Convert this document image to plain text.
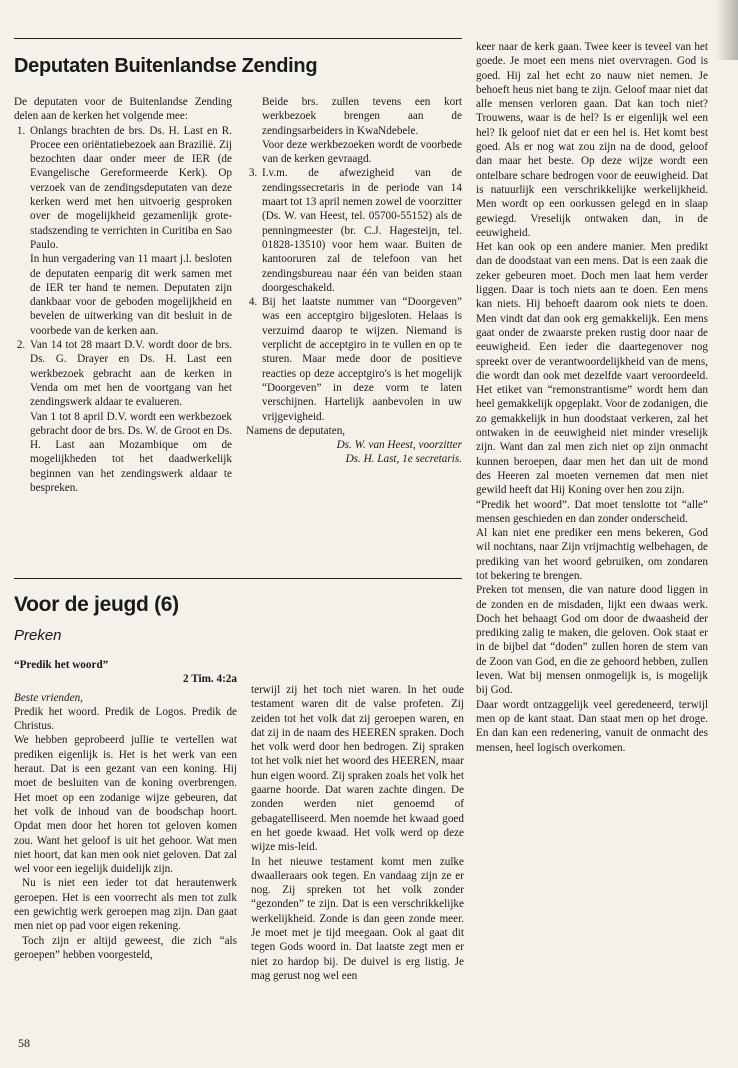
Deputaten Buitenlandse Zending

De deputaten voor de Buitenlandse Zending delen aan de kerken het volgende mee:

1. Onlangs brachten de brs. Ds. H. Last en R. Procee een oriëntatiebezoek aan Brazilië. Zij bezochten daar onder meer de IER (de Evangelische Gereformeerde Kerk). Op verzoek van de zendingsdeputaten van deze kerken werd met hen uitvoerig gesproken over de mogelijkheid gezamenlijk grote-stadszending te verrichten in Curitiba en Sao Paulo.

In hun vergadering van 11 maart j.l. besloten de deputaten eenparig dit werk samen met de IER ter hand te nemen. Deputaten zijn dankbaar voor de geboden mogelijkheid en bevelen de uitwerking van dit besluit in de voorbede van de kerken aan.

2. Van 14 tot 28 maart D.V. wordt door de brs. Ds. G. Drayer en Ds. H. Last een werkbezoek gebracht aan de kerken in Venda om met hen de voortgang van het zendingswerk aldaar te evalueren.

Van 1 tot 8 april D.V. wordt een werkbezoek gebracht door de brs. Ds. W. de Groot en Ds. H. Last aan Mozambique om de mogelijkheden tot het daadwerkelijk beginnen van het zendingswerk aldaar te bespreken.

Beide brs. zullen tevens een kort werkbezoek brengen aan de zendingsarbeiders in KwaNdebele.

Voor deze werkbezoeken wordt de voorbede van de kerken gevraagd.

3. I.v.m. de afwezigheid van de zendingssecretaris in de periode van 14 maart tot 13 april nemen zowel de voorzitter (Ds. W. van Heest, tel. 05700-55152) als de penningmeester (br. C.J. Hagesteijn, tel. 01828-13510) voor hem waar. Buiten de kantooruren zal de telefoon van het zendingsbureau naar één van beiden staan doorgeschakeld.

4. Bij het laatste nummer van “Doorgeven” was een acceptgiro bijgesloten. Helaas is verzuimd daarop te wijzen. Niemand is verplicht de acceptgiro in te vullen en op te sturen. Maar mede door de positieve reacties op deze acceptgiro's is het mogelijk “Doorgeven” in deze vorm te laten verschijnen. Hartelijk aanbevolen in uw vrijgevigheid.

Namens de deputaten,

Ds. W. van Heest, voorzitter

Ds. H. Last, 1e secretaris.

Voor de jeugd (6)
Preken

“Predik het woord”

2 Tim. 4:2a

Beste vrienden,

Predik het woord. Predik de Logos. Predik de Christus.

We hebben geprobeerd jullie te vertellen wat prediken eigenlijk is. Het is het werk van een heraut. Dat is een gezant van een koning. Hij moet de besluiten van de koning overbrengen. Het moet op een zodanige wijze gebeuren, dat het volk de inhoud van de boodschap hoort. Opdat men door het horen tot geloven komen zou. Want het geloof is uit het gehoor. Wat men niet hoort, dat kan men ook niet geloven. Dat zal wel voor een iegelijk duidelijk zijn.

Nu is niet een ieder tot dat herautenwerk geroepen. Het is een voorrecht als men tot zulk een gewichtig werk geroepen mag zijn. Dan gaat men niet op pad voor eigen rekening.

Toch zijn er altijd geweest, die zich “als geroepen” hebben voorgesteld,

terwijl zij het toch niet waren. In het oude testament waren dit de valse profeten. Zij zeiden tot het volk dat zij geroepen waren, en dat zij in de naam des HEEREN spraken. Doch het volk werd door hen bedrogen. Zij spraken tot het volk niet het woord des HEEREN, maar hun eigen woord. Zij spraken zoals het volk het gaarne hoorde. Dat waren zachte dingen. De zonden werden niet genoemd of gebagatelliseerd. Men noemde het kwaad goed en het goede kwaad. Het volk werd op deze wijze mis-leid.

In het nieuwe testament komt men zulke dwaalleraars ook tegen. En vandaag zijn ze er nog. Zij spreken tot het volk zonder “gezonden” te zijn. Dat is een verschrikkelijke werkelijkheid. Zonde is dan geen zonde meer. Je moet met je tijd meegaan. Ook al gaat dit tegen Gods woord in. Dat laatste zegt men er niet zo hardop bij. De duivel is erg listig. Je mag gerust nog wel een

keer naar de kerk gaan. Twee keer is teveel van het goede. Je moet een mens niet overvragen. God is goed. Hij zal het echt zo nauw niet nemen. Je behoeft heus niet bang te zijn. Geloof maar niet dat alle mensen verloren gaan. Dat kan toch niet? Trouwens, waar is de hel? Is er eigenlijk wel een hel? Ik geloof niet dat er een hel is. Het komt best goed. Als er nog wat zou zijn na de dood, geloof dan maar het beste. Op deze wijze wordt een ontelbare schare bedrogen voor de eeuwigheid. Dat is natuurlijk een verschrikkelijke werkelijkheid. Men wordt op een oorkussen gelegd en in slaap gewiegd. Vreselijk ontwaken dan, in de eeuwigheid.

Het kan ook op een andere manier. Men predikt dan de doodstaat van een mens. Dat is een zaak die zeker gebeuren moet. Doch men laat hem verder liggen. Daar is toch niets aan te doen. Een mens kan niets. Hij behoeft daarom ook niets te doen. Men vindt dat dan ook erg gemakkelijk. Een mens gaat onder de zwaarste preken rustig door naar de eeuwigheid. Een ieder die daartegenover nog spreekt over de verantwoordelijkheid van de mens, die wordt dan ook met dezelfde vaart veroordeeld. Het etiket van “remonstrantisme” wordt hem dan heel gemakkelijk opgeplakt. Voor de zodanigen, die zo gemakkelijk in hun doodstaat verkeren, zal het ontwaken in de eeuwigheid niet minder vreselijk zijn. Want dan zal men zich niet op zijn onmacht kunnen beroepen, daar men het dan uit de mond des Heeren zal moeten vernemen dat men niet gewild heeft dat Hij Koning over hen zou zijn.

“Predik het woord”. Dat moet tenslotte tot “alle” mensen geschieden en dan zonder onderscheid.

Al kan niet ene prediker een mens bekeren, God wil nochtans, naar Zijn vrijmachtig welbehagen, de prediking van het woord gebruiken, om zondaren tot bekering te brengen.

Preken tot mensen, die van nature dood liggen in de zonden en de misdaden, lijkt een dwaas werk. Doch het behaagt God om door de dwaasheid der prediking zalig te maken, die geloven. Ook staat er in de bijbel dat “doden” zullen horen de stem van de Zoon van God, en die ze gehoord hebben, zullen leven. Wat bij mensen onmogelijk is, is mogelijk bij God.

Daar wordt ontzaggelijk veel geredeneerd, terwijl men op de kant staat. Dan staat men op het droge. En dan kan een redenering, vanuit de onmacht des mensen, heel logisch overkomen.

58
